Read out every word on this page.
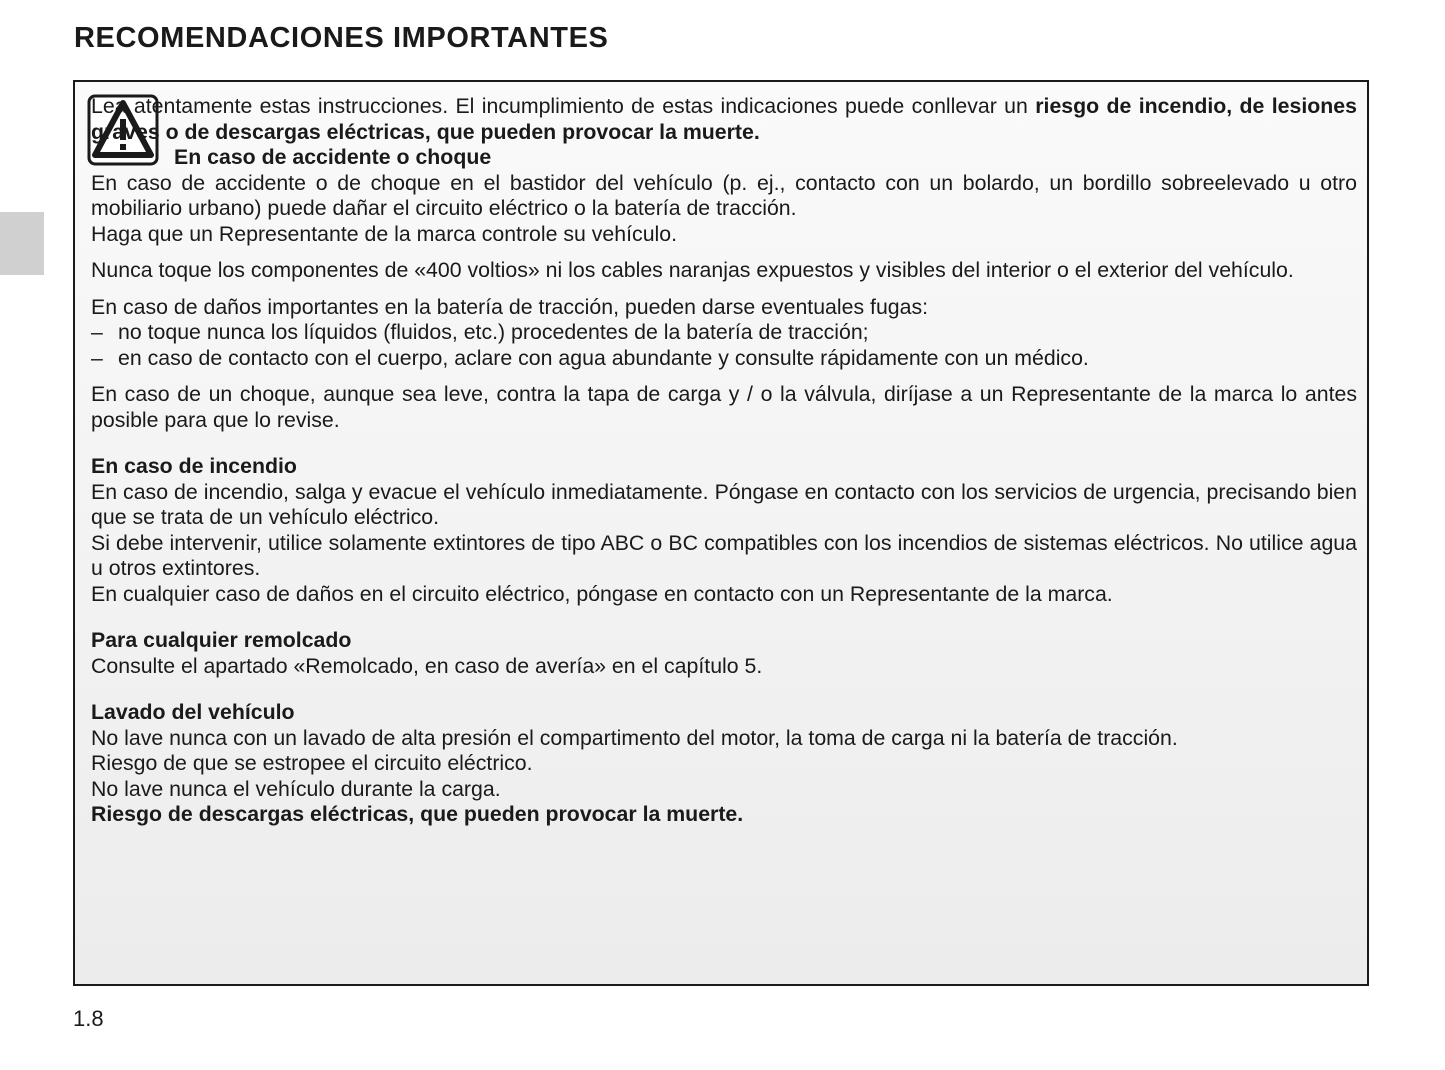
RECOMENDACIONES IMPORTANTES

Lea atentamente estas instrucciones. El incumplimiento de estas indicaciones puede conllevar un riesgo de incendio, de lesiones graves o de descargas eléctricas, que pueden provocar la muerte.

En caso de accidente o choque

En caso de accidente o de choque en el bastidor del vehículo (p. ej., contacto con un bolardo, un bordillo sobreelevado u otro mobiliario urbano) puede dañar el circuito eléctrico o la batería de tracción.

Haga que un Representante de la marca controle su vehículo.

Nunca toque los componentes de «400 voltios» ni los cables naranjas expuestos y visibles del interior o el exterior del vehículo.

En caso de daños importantes en la batería de tracción, pueden darse eventuales fugas:

– no toque nunca los líquidos (fluidos, etc.) procedentes de la batería de tracción;
– en caso de contacto con el cuerpo, aclare con agua abundante y consulte rápidamente con un médico.

En caso de un choque, aunque sea leve, contra la tapa de carga y / o la válvula, diríjase a un Representante de la marca lo antes posible para que lo revise.

En caso de incendio

En caso de incendio, salga y evacue el vehículo inmediatamente. Póngase en contacto con los servicios de urgencia, precisando bien que se trata de un vehículo eléctrico.

Si debe intervenir, utilice solamente extintores de tipo ABC o BC compatibles con los incendios de sistemas eléctricos. No utilice agua u otros extintores.

En cualquier caso de daños en el circuito eléctrico, póngase en contacto con un Representante de la marca.

Para cualquier remolcado

Consulte el apartado «Remolcado, en caso de avería» en el capítulo 5.

Lavado del vehículo

No lave nunca con un lavado de alta presión el compartimento del motor, la toma de carga ni la batería de tracción.

Riesgo de que se estropee el circuito eléctrico.

No lave nunca el vehículo durante la carga.

Riesgo de descargas eléctricas, que pueden provocar la muerte.

1.8
